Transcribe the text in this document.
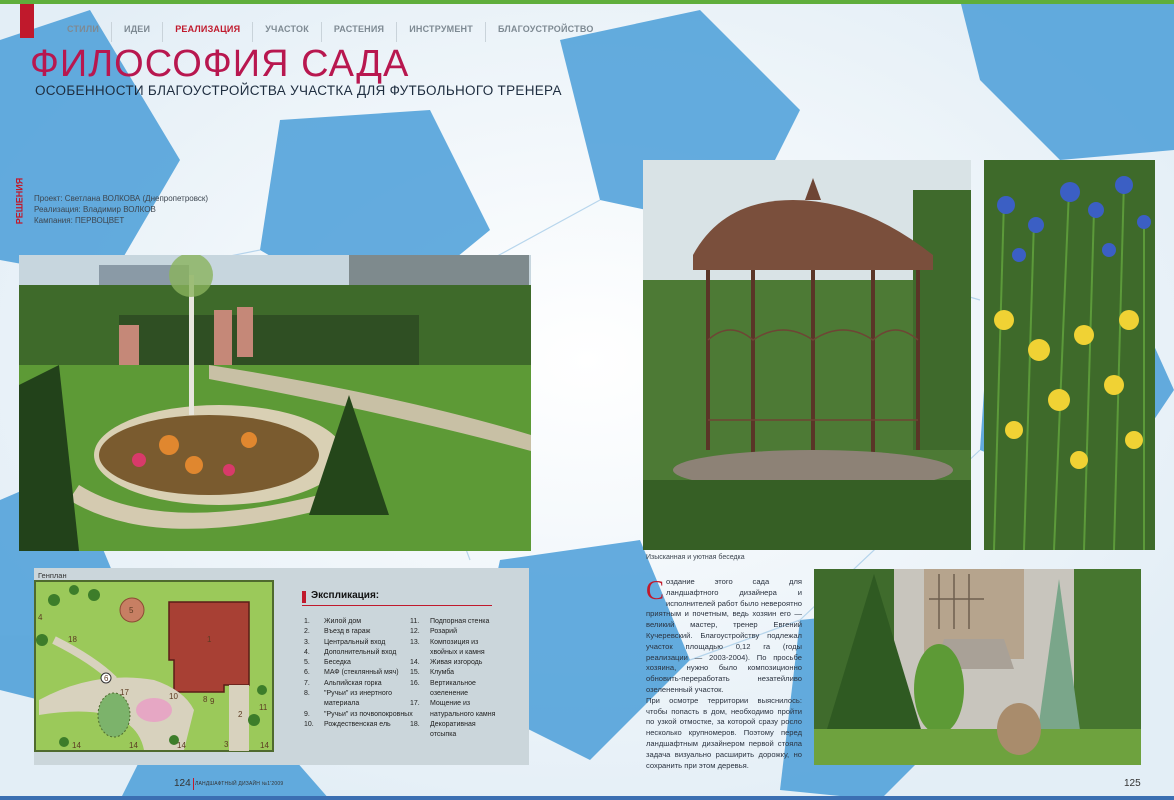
СТИЛИ	ИДЕИ	РЕАЛИЗАЦИЯ	УЧАСТОК	РАСТЕНИЯ	ИНСТРУМЕНТ	БЛАГОУСТРОЙСТВО
ФИЛОСОФИЯ САДА
ОСОБЕННОСТИ БЛАГОУСТРОЙСТВА УЧАСТКА ДЛЯ ФУТБОЛЬНОГО ТРЕНЕРА
РЕШЕНИЯ Проект: Светлана ВОЛКОВА (Днепропетровск)
Реализация: Владимир ВОЛКОВ
Кампания: ПЕРВОЦВЕТ
Генплан
1
2
3
4
5
6
8 9
10
11
14	14	14	14
17
18
Экспликация:
1.	Жилой дом
2.	Въезд в гараж
3.	Центральный вход
4.	Дополнительный вход
5.	Беседка
6.	МАФ (стеклянный мяч)
7.	Альпийская горка
8.	"Ручьи" из инертного материала
9.	"Ручьи" из почвопокровных
10.	Рождественская ель
11.	Подпорная стенка
12.	Розарий
13.	Композиция из хвойных и камня
14.	Живая изгородь
15.	Клумба
16.	Вертикальное озеленение
17.	Мощение из натурального камня
18.	Декоративная отсыпка
Изысканная и уютная беседка
Создание этого сада для ландшафтного дизайнера и исполнителей работ было невероятно приятным и почетным, ведь хозяин его — великий мастер, тренер Евгений Кучеревский. Благоустройству подлежал участок площадью 0,12 га (годы реализации — 2003-2004). По просьбе хозяина, нужно было композиционно обновить-переработать незатейливо озелененный участок.
При осмотре территории выяснилось: чтобы попасть в дом, необходимо пройти по узкой отмостке, за которой сразу росло несколько крупномеров. Поэтому перед ландшафтным дизайнером первой стояла задача визуально расширить дорожку, но сохранить при этом деревья.
124 ЛАНДШАФТНЫЙ ДИЗАЙН №1'2009	125
